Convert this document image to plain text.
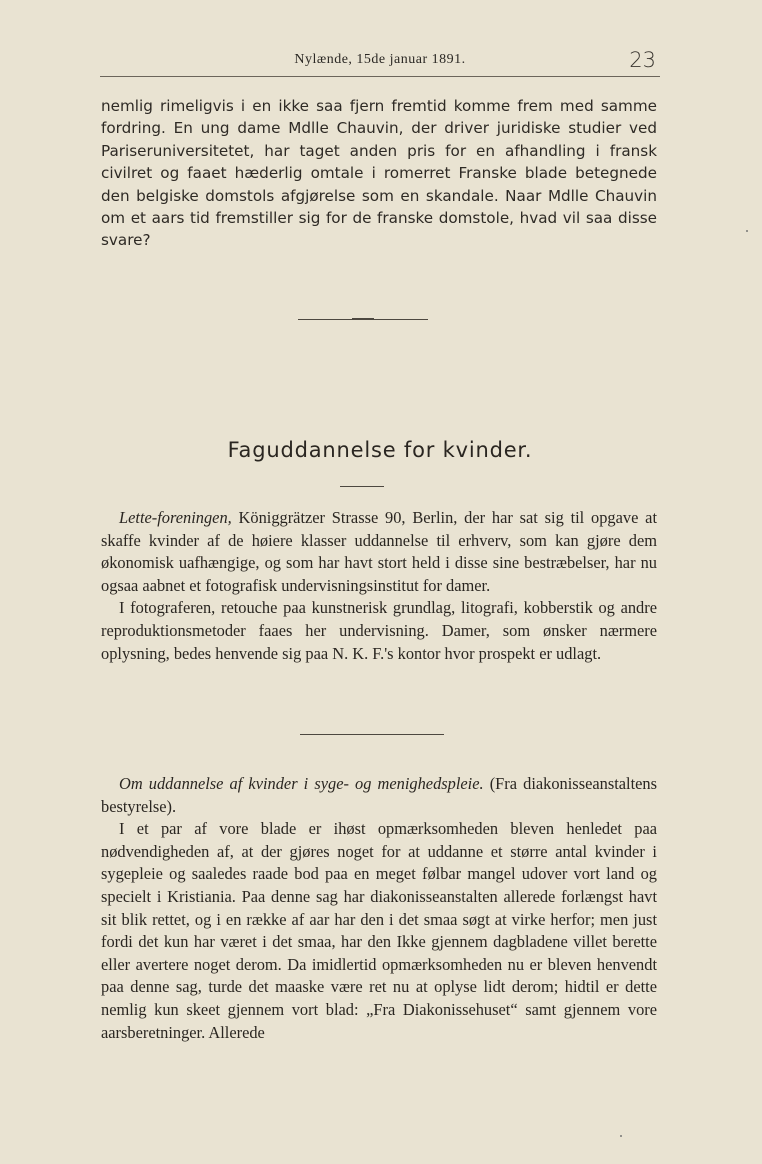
Nylænde, 15de januar 1891.	23

nemlig rimeligvis i en ikke saa fjern fremtid komme frem med samme fordring. En ung dame Mdlle Chauvin, der driver juridiske studier ved Pariseruniversitetet, har taget anden pris for en afhandling i fransk civilret og faaet hæderlig omtale i romerret Franske blade betegnede den belgiske domstols afgjørelse som en skandale. Naar Mdlle Chauvin om et aars tid fremstiller sig for de franske domstole, hvad vil saa disse svare?

Faguddannelse for kvinder.

Lette-foreningen, Königgrätzer Strasse 90, Berlin, der har sat sig til opgave at skaffe kvinder af de høiere klasser uddannelse til erhverv, som kan gjøre dem økonomisk uafhængige, og som har havt stort held i disse sine bestræbelser, har nu ogsaa aabnet et fotografisk undervisningsinstitut for damer.

I fotograferen, retouche paa kunstnerisk grundlag, litografi, kobberstik og andre reproduktionsmetoder faaes her undervisning. Damer, som ønsker nærmere oplysning, bedes henvende sig paa N. K. F.'s kontor hvor prospekt er udlagt.

Om uddannelse af kvinder i syge- og menighedspleie. (Fra diakonisseanstaltens bestyrelse).

I et par af vore blade er ihøst opmærksomheden bleven henledet paa nødvendigheden af, at der gjøres noget for at uddanne et større antal kvinder i sygepleie og saaledes raade bod paa en meget følbar mangel udover vort land og specielt i Kristiania. Paa denne sag har diakonisseanstalten allerede forlængst havt sit blik rettet, og i en række af aar har den i det smaa søgt at virke herfor; men just fordi det kun har været i det smaa, har den Ikke gjennem dagbladene villet berette eller avertere noget derom. Da imidlertid opmærksomheden nu er bleven henvendt paa denne sag, turde det maaske være ret nu at oplyse lidt derom; hidtil er dette nemlig kun skeet gjennem vort blad: „Fra Diakonissehuset“ samt gjennem vore aarsberetninger. Allerede
